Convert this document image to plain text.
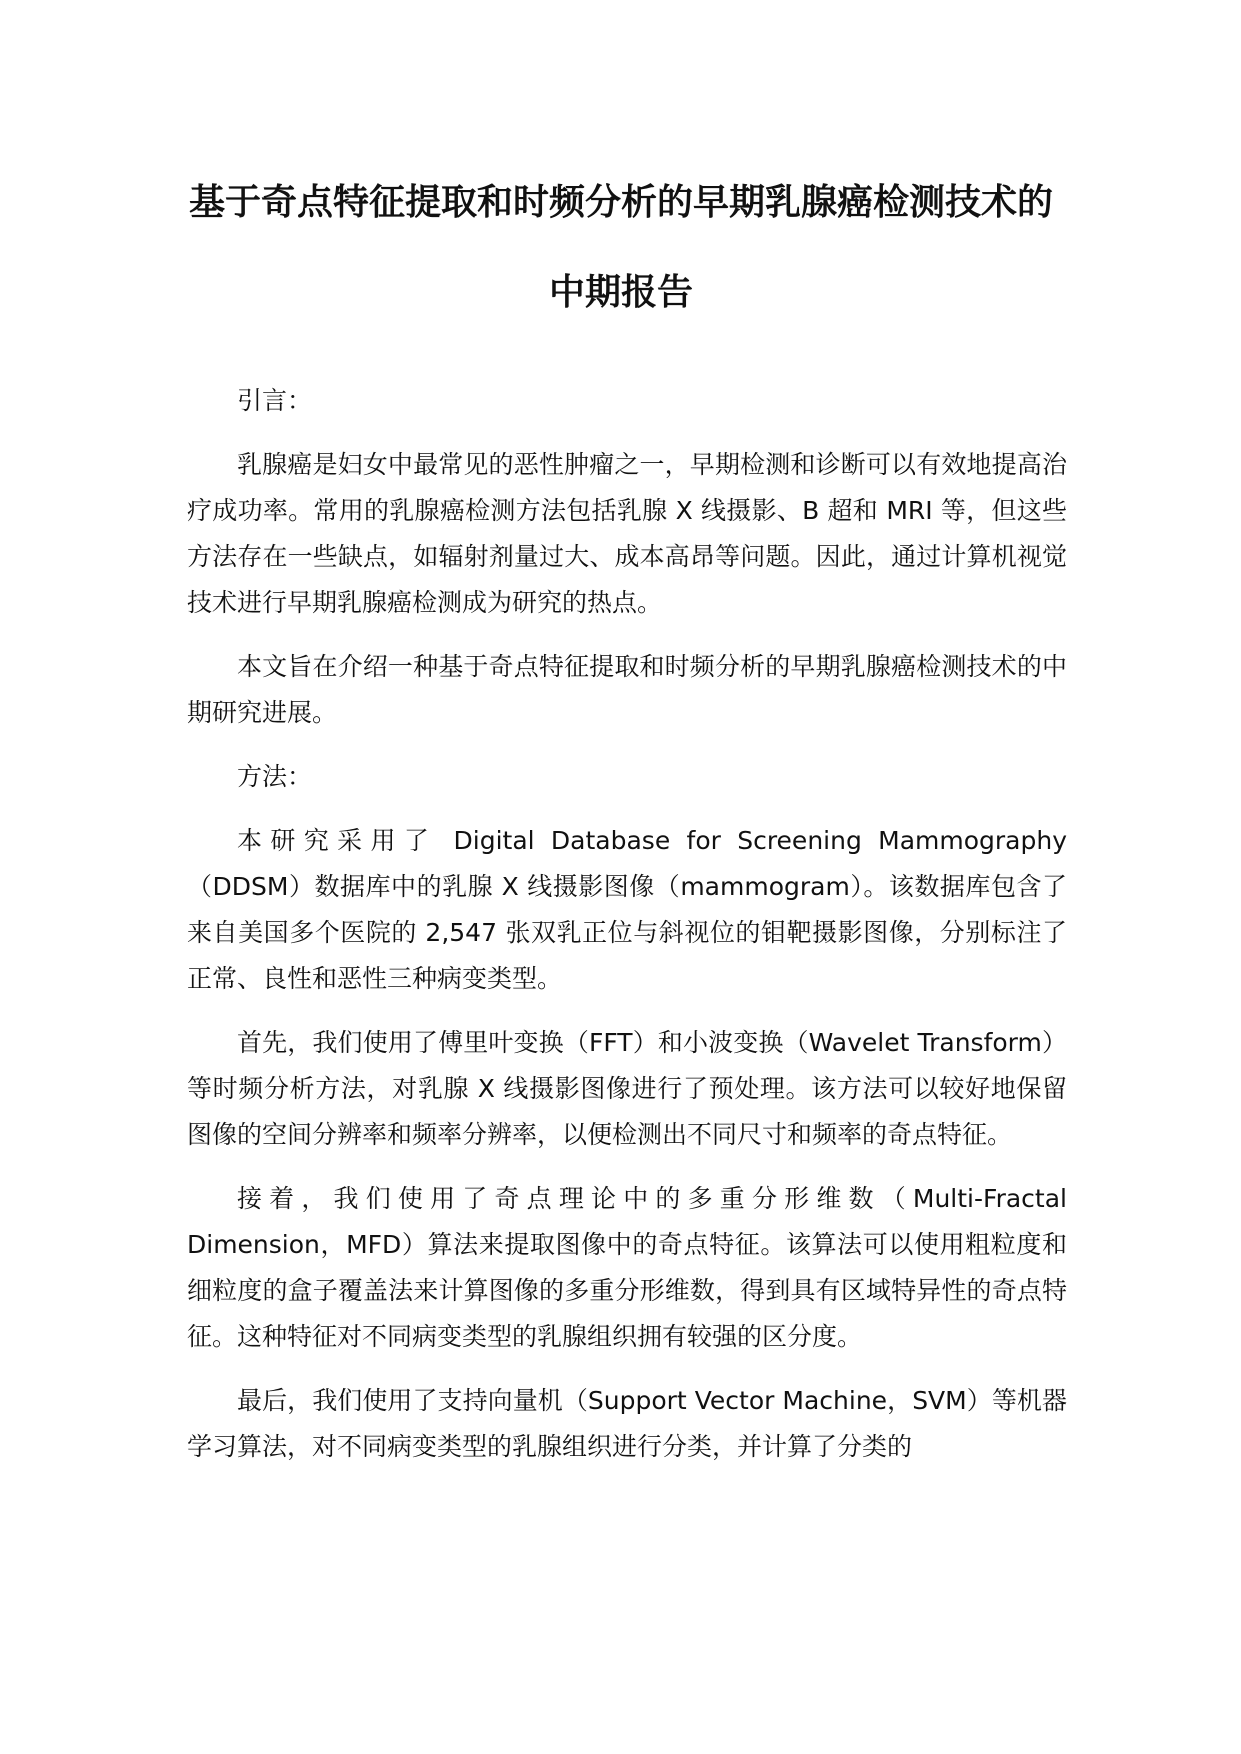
基于奇点特征提取和时频分析的早期乳腺癌检测技术的中期报告
引言：

乳腺癌是妇女中最常见的恶性肿瘤之一，早期检测和诊断可以有效地提高治疗成功率。常用的乳腺癌检测方法包括乳腺 X 线摄影、B 超和 MRI 等，但这些方法存在一些缺点，如辐射剂量过大、成本高昂等问题。因此，通过计算机视觉技术进行早期乳腺癌检测成为研究的热点。

本文旨在介绍一种基于奇点特征提取和时频分析的早期乳腺癌检测技术的中期研究进展。

方法：

本研究采用了 Digital Database for Screening Mammography（DDSM）数据库中的乳腺 X 线摄影图像（mammogram）。该数据库包含了来自美国多个医院的 2,547 张双乳正位与斜视位的钼靶摄影图像，分别标注了正常、良性和恶性三种病变类型。

首先，我们使用了傅里叶变换（FFT）和小波变换（Wavelet Transform）等时频分析方法，对乳腺 X 线摄影图像进行了预处理。该方法可以较好地保留图像的空间分辨率和频率分辨率，以便检测出不同尺寸和频率的奇点特征。

接着，我们使用了奇点理论中的多重分形维数（Multi-Fractal Dimension，MFD）算法来提取图像中的奇点特征。该算法可以使用粗粒度和细粒度的盒子覆盖法来计算图像的多重分形维数，得到具有区域特异性的奇点特征。这种特征对不同病变类型的乳腺组织拥有较强的区分度。

最后，我们使用了支持向量机（Support Vector Machine，SVM）等机器学习算法，对不同病变类型的乳腺组织进行分类，并计算了分类的
